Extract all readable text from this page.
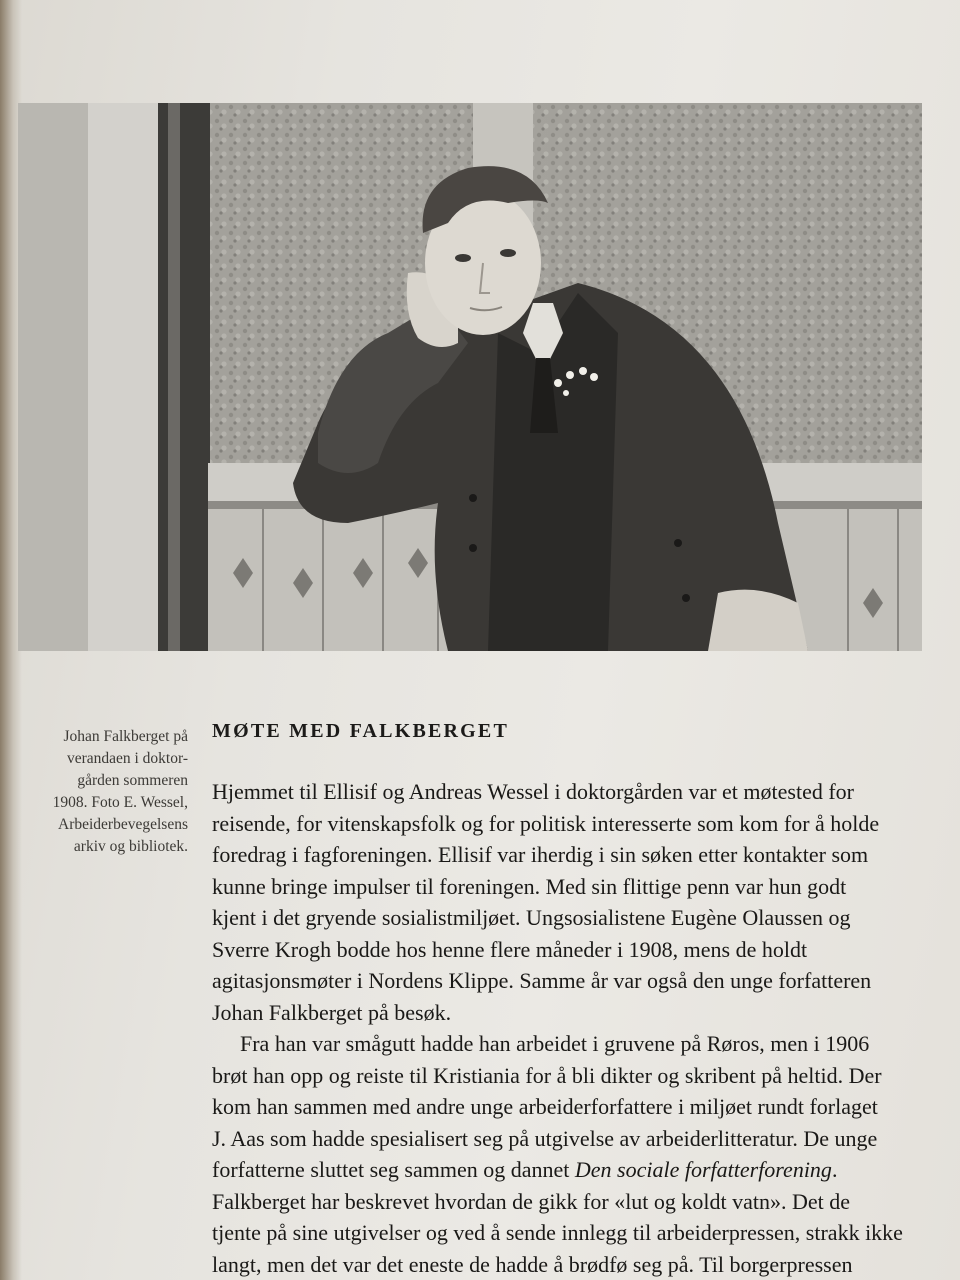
Johan Falkberget på
verandaen i doktor-
gården sommeren
1908. Foto E. Wessel,
Arbeiderbevegelsens
arkiv og bibliotek.
MØTE MED FALKBERGET
Hjemmet til Ellisif og Andreas Wessel i doktorgården var et møtested for
reisende, for vitenskapsfolk og for politisk interesserte som kom for å holde
foredrag i fagforeningen. Ellisif var iherdig i sin søken etter kontakter som
kunne bringe impulser til foreningen. Med sin flittige penn var hun godt
kjent i det gryende sosialistmiljøet. Ungsosialistene Eugène Olaussen og
Sverre Krogh bodde hos henne flere måneder i 1908, mens de holdt
agitasjonsmøter i Nordens Klippe. Samme år var også den unge forfatteren
Johan Falkberget på besøk.
Fra han var smågutt hadde han arbeidet i gruvene på Røros, men i 1906
brøt han opp og reiste til Kristiania for å bli dikter og skribent på heltid. Der
kom han sammen med andre unge arbeiderforfattere i miljøet rundt forlaget
J. Aas som hadde spesialisert seg på utgivelse av arbeiderlitteratur. De unge
forfatterne sluttet seg sammen og dannet Den sociale forfatterforening.
Falkberget har beskrevet hvordan de gikk for «lut og koldt vatn». Det de
tjente på sine utgivelser og ved å sende innlegg til arbeiderpressen, strakk ikke
langt, men det var det eneste de hadde å brødfø seg på. Til borgerpressen
